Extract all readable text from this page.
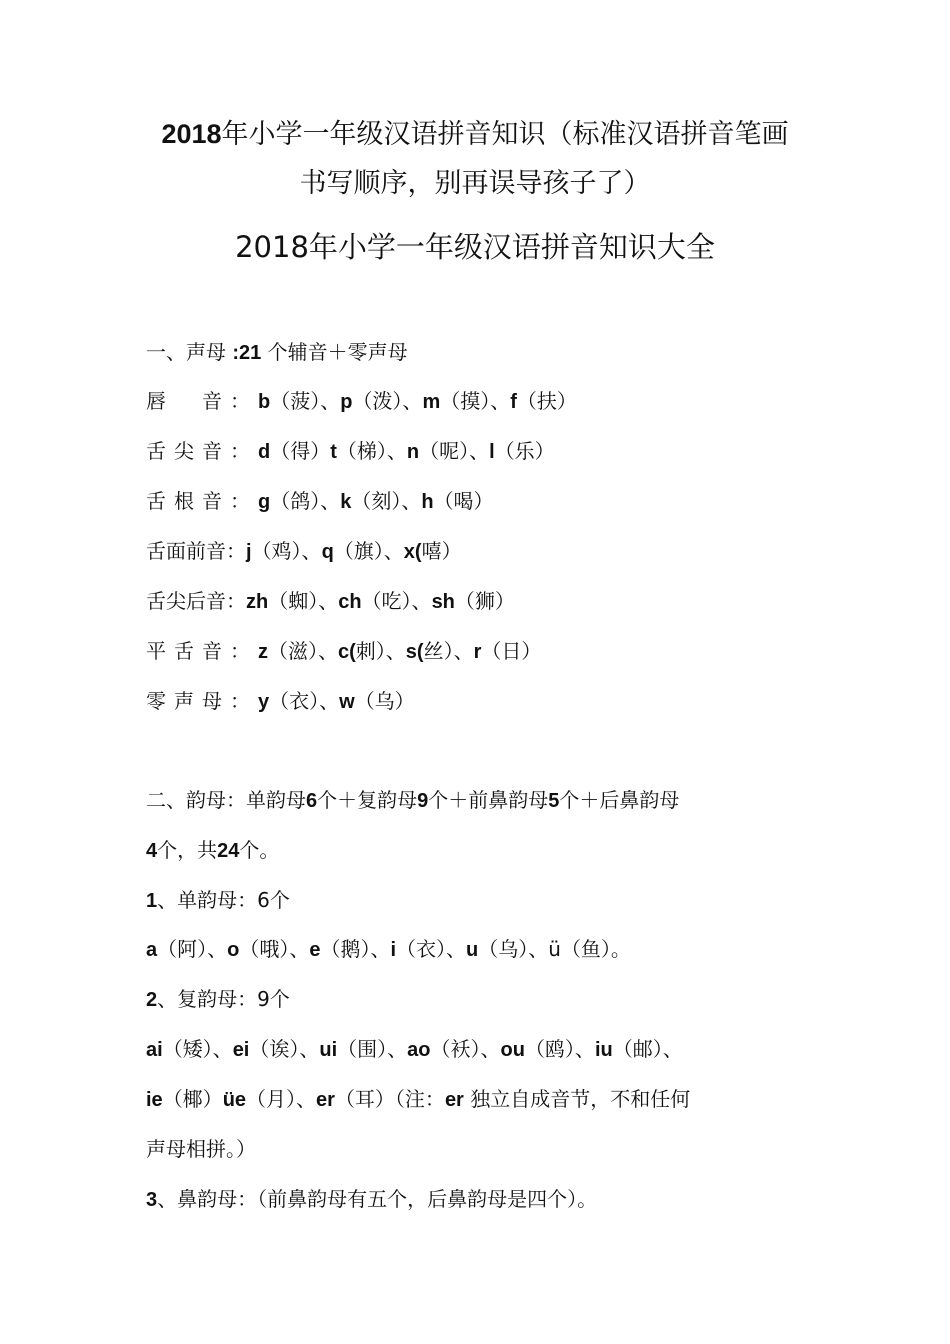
2018年小学一年级汉语拼音知识（标准汉语拼音笔画
书写顺序，别再误导孩子了）
2018年小学一年级汉语拼音知识大全
一、声母 :21 个辅音＋零声母
唇　音：b（菠）、p（泼）、m（摸）、f（扶）
舌尖音：d（得）t（梯）、n（呢）、l（乐）
舌根音：g（鸽）、k（刻）、h（喝）
舌面前音：j（鸡）、q（旗）、x(嘻）
舌尖后音：zh（蜘）、ch（吃）、sh（狮）
平舌音：z（滋）、c(刺）、s(丝）、r（日）
零声母：y（衣）、w（乌）
二、韵母：单韵母6个＋复韵母9个＋前鼻韵母5个＋后鼻韵母
4个，共24个。
1、单韵母：6个
a（阿）、o（哦）、e（鹅）、i（衣）、u（乌）、ü（鱼）。
2、复韵母：9个
ai（矮）、ei（诶）、ui（围）、ao（袄）、ou（鸥）、iu（邮）、
ie（椰）üe（月）、er（耳）（注：er 独立自成音节，不和任何
声母相拼。）
3、鼻韵母：（前鼻韵母有五个，后鼻韵母是四个）。
